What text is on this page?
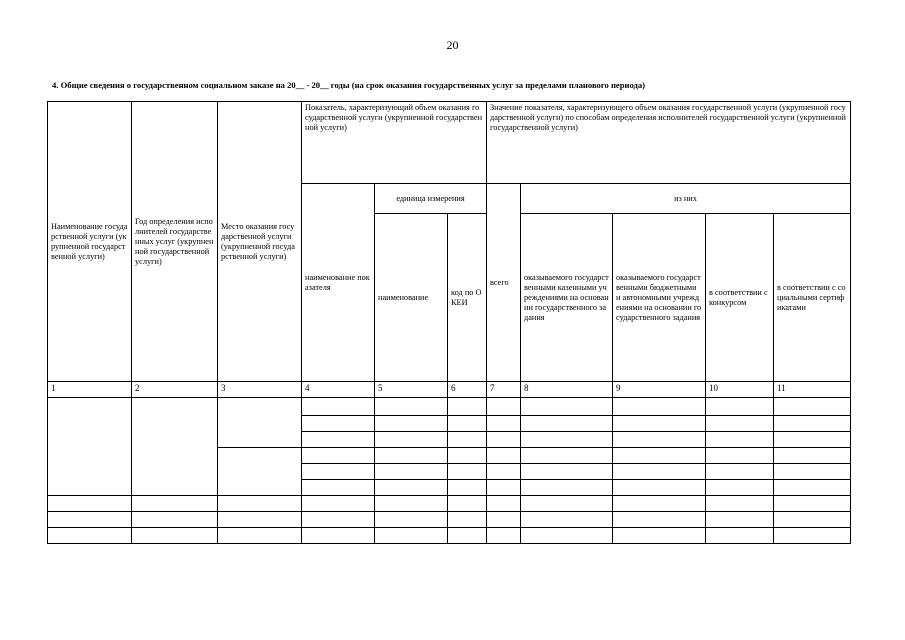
20
4. Общие сведения о государственном социальном заказе на 20__ - 20__ годы (на срок оказания государственных услуг за пределами планового периода)
Наименование государственной услуги (укрупненной государственной услуги)	Год определения исполнителей государственных услуг (укрупненной государственной услуги)	Место оказания государственной услуги (укрупненной государственной услуги)	Показатель, характеризующий объем оказания государственной услуги (укрупненной государственной услуги)			Значение показателя, характеризующего объем оказания государственной услуги (укрупненной государственной услуги) по способам определения исполнителей государственной услуги (укрупненной государственной услуги)				
			наименование показателя	единица измерения		всего	из них			
				наименование	код по ОКЕИ		оказываемого государственными казенными учреждениями на основании государственного задания	оказываемого государственными бюджетными и автономными учреждениями на основании государственного задания	в соответствии с конкурсом	в соответствии с социальными сертификатами
1	2	3	4	5	6	7	8	9	10	11
